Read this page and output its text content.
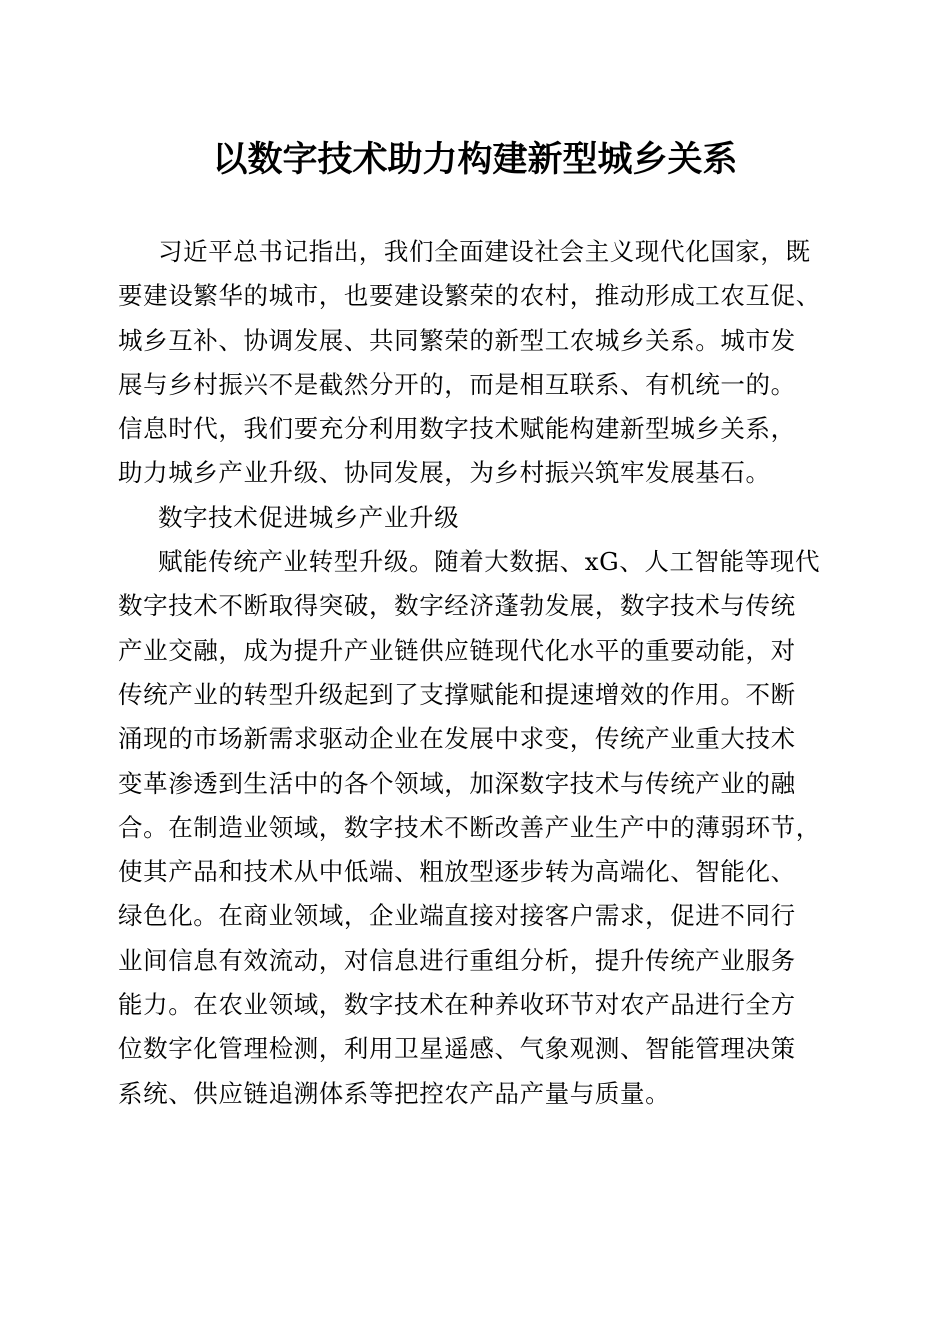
以数字技术助力构建新型城乡关系
习近平总书记指出，我们全面建设社会主义现代化国家，既
要建设繁华的城市，也要建设繁荣的农村，推动形成工农互促、
城乡互补、协调发展、共同繁荣的新型工农城乡关系。城市发
展与乡村振兴不是截然分开的，而是相互联系、有机统一的。
信息时代，我们要充分利用数字技术赋能构建新型城乡关系，
助力城乡产业升级、协同发展，为乡村振兴筑牢发展基石。
数字技术促进城乡产业升级
赋能传统产业转型升级。随着大数据、xG、人工智能等现代
数字技术不断取得突破，数字经济蓬勃发展，数字技术与传统
产业交融，成为提升产业链供应链现代化水平的重要动能，对
传统产业的转型升级起到了支撑赋能和提速增效的作用。不断
涌现的市场新需求驱动企业在发展中求变，传统产业重大技术
变革渗透到生活中的各个领域，加深数字技术与传统产业的融
合。在制造业领域，数字技术不断改善产业生产中的薄弱环节，
使其产品和技术从中低端、粗放型逐步转为高端化、智能化、
绿色化。在商业领域，企业端直接对接客户需求，促进不同行
业间信息有效流动，对信息进行重组分析，提升传统产业服务
能力。在农业领域，数字技术在种养收环节对农产品进行全方
位数字化管理检测，利用卫星遥感、气象观测、智能管理决策
系统、供应链追溯体系等把控农产品产量与质量。
